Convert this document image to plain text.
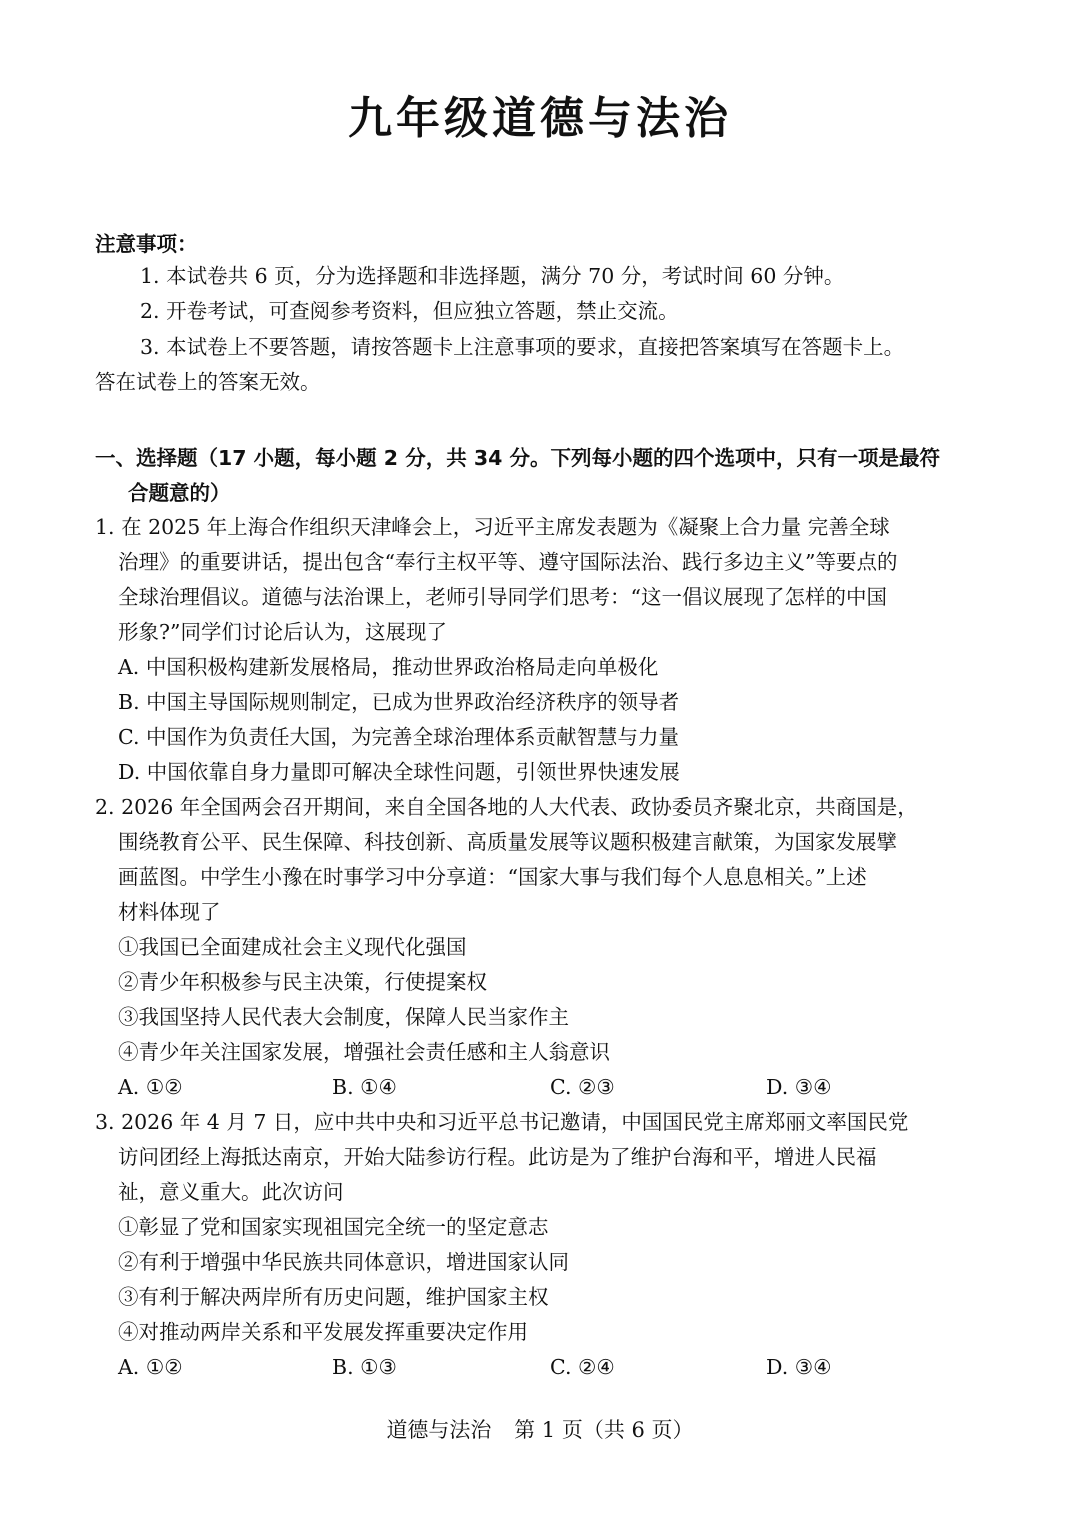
九年级道德与法治
注意事项：
1. 本试卷共 6 页，分为选择题和非选择题，满分 70 分，考试时间 60 分钟。
2. 开卷考试，可查阅参考资料，但应独立答题，禁止交流。
3. 本试卷上不要答题，请按答题卡上注意事项的要求，直接把答案填写在答题卡上。
答在试卷上的答案无效。
一、选择题（17 小题，每小题 2 分，共 34 分。下列每小题的四个选项中，只有一项是最符
合题意的）
1. 在 2025 年上海合作组织天津峰会上，习近平主席发表题为《凝聚上合力量 完善全球
治理》的重要讲话，提出包含“奉行主权平等、遵守国际法治、践行多边主义”等要点的
全球治理倡议。道德与法治课上，老师引导同学们思考：“这一倡议展现了怎样的中国
形象?”同学们讨论后认为，这展现了
A. 中国积极构建新发展格局，推动世界政治格局走向单极化
B. 中国主导国际规则制定，已成为世界政治经济秩序的领导者
C. 中国作为负责任大国，为完善全球治理体系贡献智慧与力量
D. 中国依靠自身力量即可解决全球性问题，引领世界快速发展
2. 2026 年全国两会召开期间，来自全国各地的人大代表、政协委员齐聚北京，共商国是，
围绕教育公平、民生保障、科技创新、高质量发展等议题积极建言献策，为国家发展擘
画蓝图。中学生小豫在时事学习中分享道：“国家大事与我们每个人息息相关。”上述
材料体现了
①我国已全面建成社会主义现代化强国
②青少年积极参与民主决策，行使提案权
③我国坚持人民代表大会制度，保障人民当家作主
④青少年关注国家发展，增强社会责任感和主人翁意识
A. ①②	B. ①④	C. ②③	D. ③④
3. 2026 年 4 月 7 日，应中共中央和习近平总书记邀请，中国国民党主席郑丽文率国民党
访问团经上海抵达南京，开始大陆参访行程。此访是为了维护台海和平，增进人民福
祉，意义重大。此次访问
①彰显了党和国家实现祖国完全统一的坚定意志
②有利于增强中华民族共同体意识，增进国家认同
③有利于解决两岸所有历史问题，维护国家主权
④对推动两岸关系和平发展发挥重要决定作用
A. ①②	B. ①③	C. ②④	D. ③④
道德与法治 第 1 页（共 6 页）
